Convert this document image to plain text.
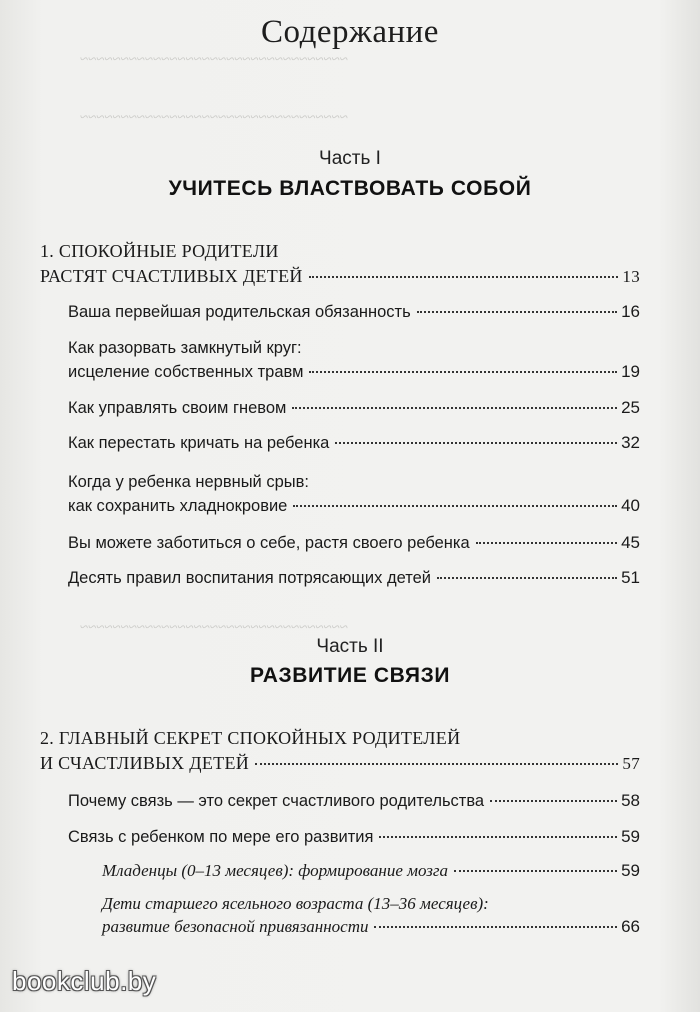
~~~~~~~~~~~~~~~~~~~~~~~~~~~~~~~~~
~~~~~~~~~~~~~~~~~~~~~~~~~~~~~~~~~
~~~~~~~~~~~~~~~~~~~~~~~~~~~~~~~~~
Содержание
Часть I
УЧИТЕСЬ ВЛАСТВОВАТЬ СОБОЙ
1. СПОКОЙНЫЕ РОДИТЕЛИ
РАСТЯТ СЧАСТЛИВЫХ ДЕТЕЙ	13
Ваша первейшая родительская обязанность	16
Как разорвать замкнутый круг:
исцеление собственных травм	19
Как управлять своим гневом	25
Как перестать кричать на ребенка	32
Когда у ребенка нервный срыв:
как сохранить хладнокровие	40
Вы можете заботиться о себе, растя своего ребенка	45
Десять правил воспитания потрясающих детей	51
Часть II
РАЗВИТИЕ СВЯЗИ
2. ГЛАВНЫЙ СЕКРЕТ СПОКОЙНЫХ РОДИТЕЛЕЙ
И СЧАСТЛИВЫХ ДЕТЕЙ	57
Почему связь — это секрет счастливого родительства	58
Связь с ребенком по мере его развития	59
Младенцы (0–13 месяцев): формирование мозга	59
Дети старшего ясельного возраста (13–36 месяцев):
развитие безопасной привязанности	66
bookclub.by
